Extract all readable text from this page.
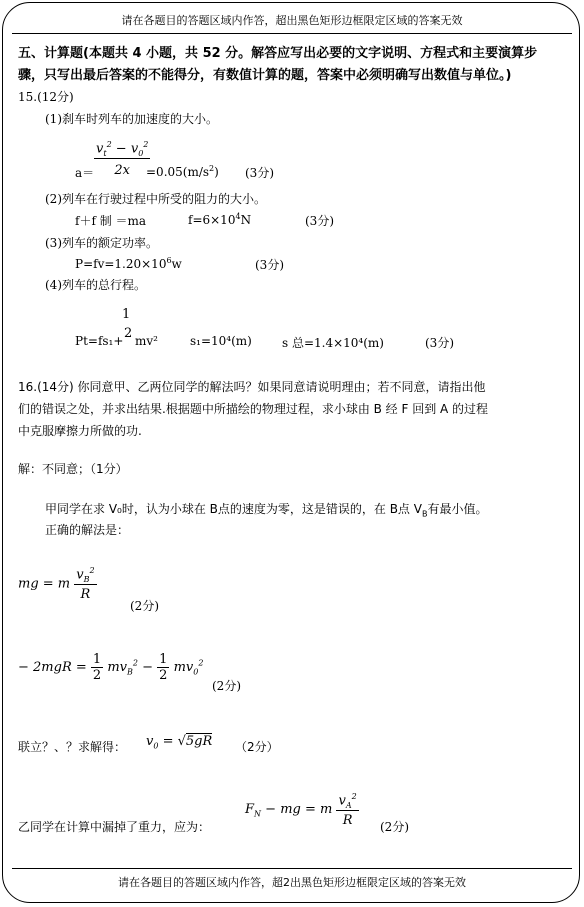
请在各题目的答题区域内作答，超出黑色矩形边框限定区域的答案无效
五、计算题(本题共 4 小题，共 52 分。解答应写出必要的文字说明、方程式和主要演算步
骤，只写出最后答案的不能得分，有数值计算的题，答案中必须明确写出数值与单位。)
15.(12分)
(1)刹车时列车的加速度的大小。
$a= \frac{v_t^2 - v_0^2}{2x}$
$=0.05(m/s^2)$ (3分)
(2)列车在行驶过程中所受的阻力的大小。
f＋f 制 ＝ma	$f=6\times 10^4N$	(3分)
(3)列车的额定功率。
$P=fv=1.20\times 10^6w$	(3分)
(4)列车的总行程。
1
2
Pt=fs₁+ mv²	s₁=10⁴(m)	s 总=1.4×10⁴(m)	(3分)
16.(14分) 你同意甲、乙两位同学的解法吗？如果同意请说明理由；若不同意，请指出他
们的错误之处，并求出结果.根据题中所描绘的物理过程，求小球由 B 经 F 回到 A 的过程
中克服摩擦力所做的功.
解：不同意；（1分）
甲同学在求 V₀时，认为小球在 B点的速度为零，这是错误的，在 B点 $V_B$有最小值。
正确的解法是：
mg = m $\frac{v_B^2}{R}$
(2分)
− $2mgR = \frac{1}{2} mv_B^2 - \frac{1}{2} mv_0^2$
(2分)
联立？、？求解得： $v_0 = √5gR$ （2分）
乙同学在计算中漏掉了重力，应为：
$F_N$ − mg = m $\frac{v_A^2}{R} (2$分)
请在各题目的答题区域内作答，超2出黑色矩形边框限定区域的答案无效
